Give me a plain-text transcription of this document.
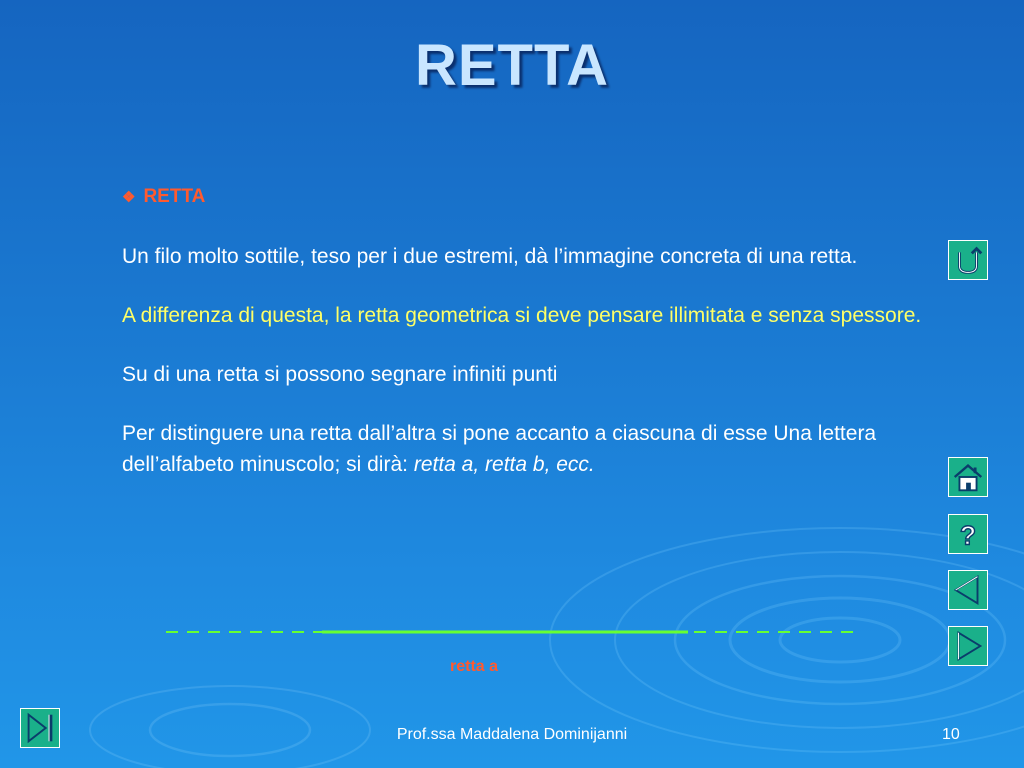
RETTA
❖ RETTA
Un filo molto sottile, teso per i due estremi, dà l’immagine concreta di una retta.
A differenza di questa, la retta geometrica si deve pensare illimitata e senza spessore.
Su di una retta si possono segnare infiniti punti
Per distinguere una retta dall’altra si pone accanto a ciascuna di esse Una lettera dell’alfabeto minuscolo; si dirà: retta a, retta b, ecc.
?
retta a
Prof.ssa Maddalena Dominijanni	10
